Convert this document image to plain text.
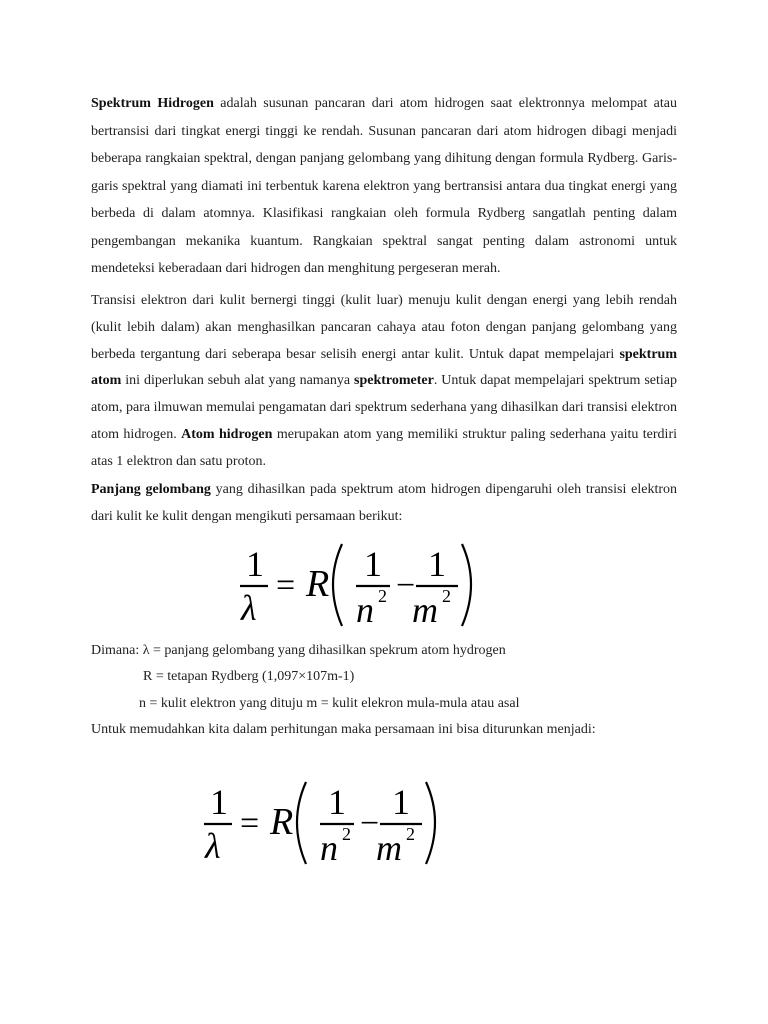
Spektrum Hidrogen adalah susunan pancaran dari atom hidrogen saat elektronnya melompat atau bertransisi dari tingkat energi tinggi ke rendah. Susunan pancaran dari atom hidrogen dibagi menjadi beberapa rangkaian spektral, dengan panjang gelombang yang dihitung dengan formula Rydberg. Garis-garis spektral yang diamati ini terbentuk karena elektron yang bertransisi antara dua tingkat energi yang berbeda di dalam atomnya. Klasifikasi rangkaian oleh formula Rydberg sangatlah penting dalam pengembangan mekanika kuantum. Rangkaian spektral sangat penting dalam astronomi untuk mendeteksi keberadaan dari hidrogen dan menghitung pergeseran merah.

Transisi elektron dari kulit bernergi tinggi (kulit luar) menuju kulit dengan energi yang lebih rendah (kulit lebih dalam) akan menghasilkan pancaran cahaya atau foton dengan panjang gelombang yang berbeda tergantung dari seberapa besar selisih energi antar kulit. Untuk dapat mempelajari spektrum atom ini diperlukan sebuh alat yang namanya spektrometer. Untuk dapat mempelajari spektrum setiap atom, para ilmuwan memulai pengamatan dari spektrum sederhana yang dihasilkan dari transisi elektron atom hidrogen. Atom hidrogen merupakan atom yang memiliki struktur paling sederhana yaitu terdiri atas 1 elektron dan satu proton.

Panjang gelombang yang dihasilkan pada spektrum atom hidrogen dipengaruhi oleh transisi elektron dari kulit ke kulit dengan mengikuti persamaan berikut:

1
λ
= R 1
n 2 −
1
m 2

Dimana: λ = panjang gelombang yang dihasilkan spekrum atom hydrogen

R = tetapan Rydberg (1,097×107m-1)

n = kulit elektron yang dituju m = kulit elekron mula-mula atau asal

Untuk memudahkan kita dalam perhitungan maka persamaan ini bisa diturunkan menjadi:

1
λ
= R 1
n 2 −
1
m 2
